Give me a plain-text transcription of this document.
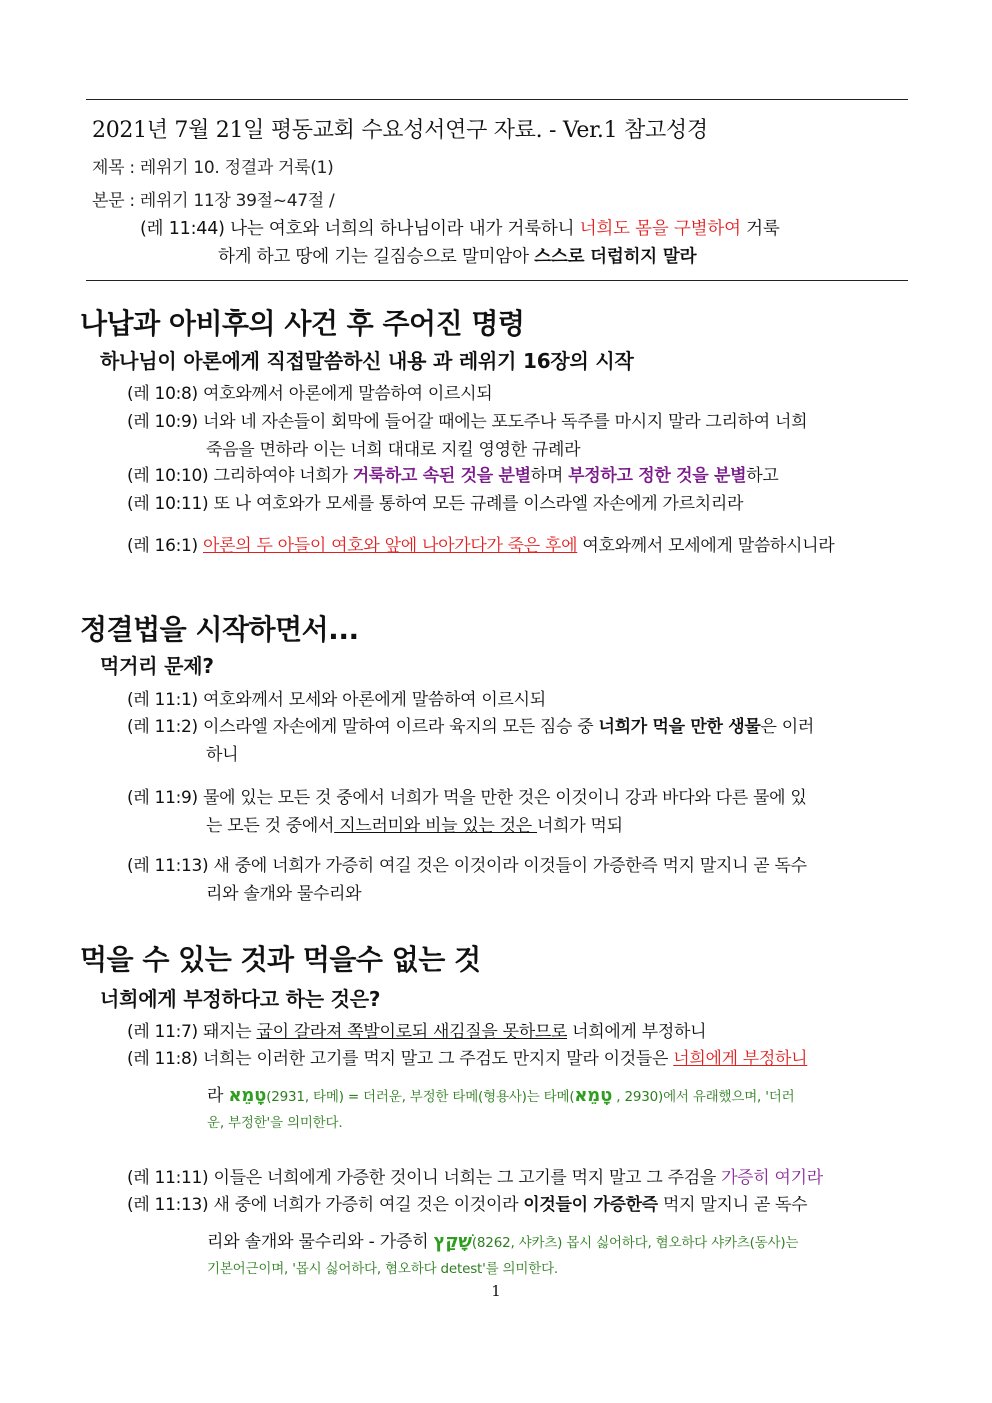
2021년 7월 21일 평동교회 수요성서연구 자료. - Ver.1 참고성경
제목 : 레위기 10. 정결과 거룩(1)
본문 : 레위기 11장 39절~47절 /
(레 11:44) 나는 여호와 너희의 하나님이라 내가 거룩하니 너희도 몸을 구별하여 거룩
하게 하고 땅에 기는 길짐승으로 말미암아 스스로 더럽히지 말라
나납과 아비후의 사건 후 주어진 명령
하나님이 아론에게 직접말씀하신 내용 과 레위기 16장의 시작
(레 10:8) 여호와께서 아론에게 말씀하여 이르시되
(레 10:9) 너와 네 자손들이 회막에 들어갈 때에는 포도주나 독주를 마시지 말라 그리하여 너희
죽음을 면하라 이는 너희 대대로 지킬 영영한 규례라
(레 10:10) 그리하여야 너희가 거룩하고 속된 것을 분별하며 부정하고 정한 것을 분별하고
(레 10:11) 또 나 여호와가 모세를 통하여 모든 규례를 이스라엘 자손에게 가르치리라
(레 16:1) 아론의 두 아들이 여호와 앞에 나아가다가 죽은 후에 여호와께서 모세에게 말씀하시니라
정결법을 시작하면서...
먹거리 문제?
(레 11:1) 여호와께서 모세와 아론에게 말씀하여 이르시되
(레 11:2) 이스라엘 자손에게 말하여 이르라 육지의 모든 짐승 중 너희가 먹을 만한 생물은 이러
하니
(레 11:9) 물에 있는 모든 것 중에서 너희가 먹을 만한 것은 이것이니 강과 바다와 다른 물에 있
는 모든 것 중에서 지느러미와 비늘 있는 것은 너희가 먹되
(레 11:13) 새 중에 너희가 가증히 여길 것은 이것이라 이것들이 가증한즉 먹지 말지니 곧 독수
리와 솔개와 물수리와
먹을 수 있는 것과 먹을수 없는 것
너희에게 부정하다고 하는 것은?
(레 11:7) 돼지는 굽이 갈라져 쪽발이로되 새김질을 못하므로 너희에게 부정하니
(레 11:8) 너희는 이러한 고기를 먹지 말고 그 주검도 만지지 말라 이것들은 너희에게 부정하니
라 טָמֵא(2931, 타메) = 더러운, 부정한 타메(형용사)는 타메(טָמֵא , 2930)에서 유래했으며, '더러
운, 부정한'을 의미한다.
(레 11:11) 이들은 너희에게 가증한 것이니 너희는 그 고기를 먹지 말고 그 주검을 가증히 여기라
(레 11:13) 새 중에 너희가 가증히 여길 것은 이것이라 이것들이 가증한즉 먹지 말지니 곧 독수
리와 솔개와 물수리와 - 가증히 שָׁקַץ(8262, 샤카츠) 몹시 싫어하다, 혐오하다 샤카츠(동사)는
기본어근이며, '몹시 싫어하다, 혐오하다 detest'를 의미한다.
1
